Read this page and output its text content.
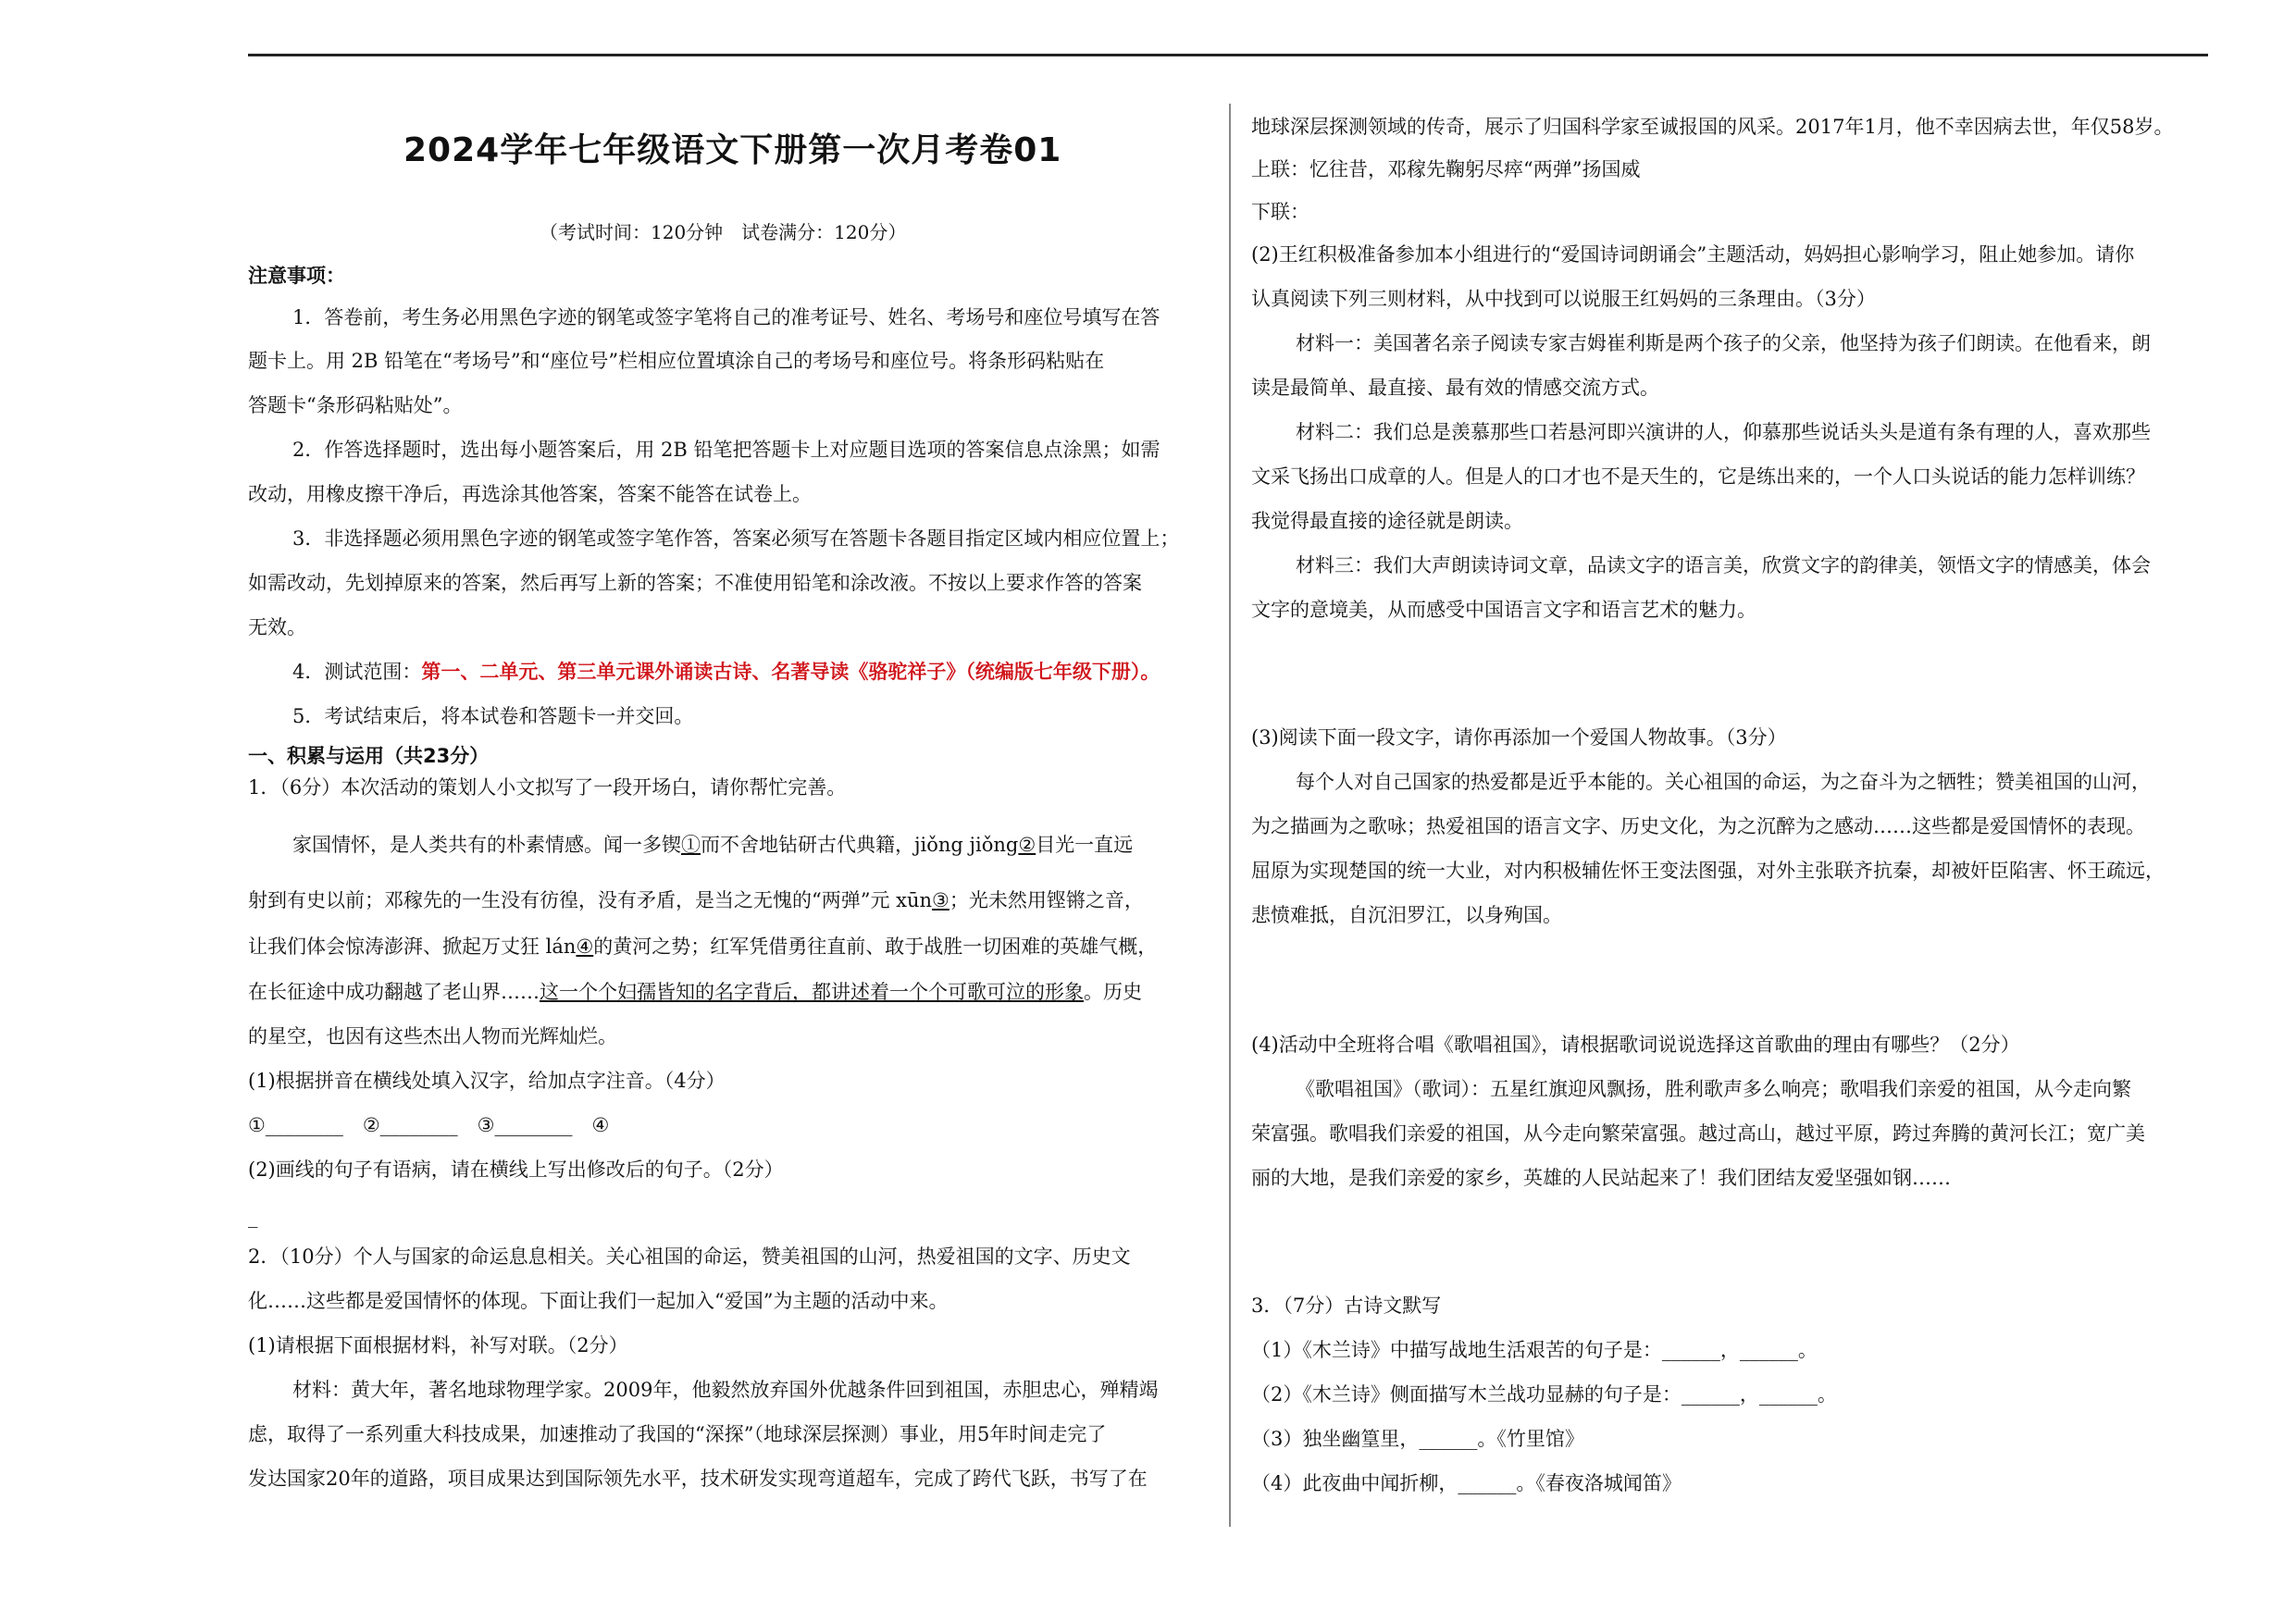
2024学年七年级语文下册第一次月考卷01
（考试时间：120分钟　试卷满分：120分）
注意事项：
1．答卷前，考生务必用黑色字迹的钢笔或签字笔将自己的准考证号、姓名、考场号和座位号填写在答
题卡上。用 2B 铅笔在“考场号”和“座位号”栏相应位置填涂自己的考场号和座位号。将条形码粘贴在
答题卡“条形码粘贴处”。
2．作答选择题时，选出每小题答案后，用 2B 铅笔把答题卡上对应题目选项的答案信息点涂黑；如需
改动，用橡皮擦干净后，再选涂其他答案，答案不能答在试卷上。
3．非选择题必须用黑色字迹的钢笔或签字笔作答，答案必须写在答题卡各题目指定区域内相应位置上；
如需改动，先划掉原来的答案，然后再写上新的答案；不准使用铅笔和涂改液。不按以上要求作答的答案
无效。
4．测试范围：第一、二单元、第三单元课外诵读古诗、名著导读《骆驼祥子》（统编版七年级下册）。
5．考试结束后，将本试卷和答题卡一并交回。
一、积累与运用（共23分）
1．（6分）本次活动的策划人小文拟写了一段开场白，请你帮忙完善。
家国情怀，是人类共有的朴素情感。闻一多锲①而不舍地钻研古代典籍，jiǒng jiǒng②目光一直远
射到有史以前；邓稼先的一生没有彷徨，没有矛盾，是当之无愧的“两弹”元 xūn③；光未然用铿锵之音，
让我们体会惊涛澎湃、掀起万丈狂 lán④的黄河之势；红军凭借勇往直前、敢于战胜一切困难的英雄气概，
在长征途中成功翻越了老山界……这一个个妇孺皆知的名字背后，都讲述着一个个可歌可泣的形象。历史
的星空，也因有这些杰出人物而光辉灿烂。
(1)根据拼音在横线处填入汉字，给加点字注音。（4分）
①________　②________　③________　④
(2)画线的句子有语病，请在横线上写出修改后的句子。（2分）
_
2．（10分）个人与国家的命运息息相关。关心祖国的命运，赞美祖国的山河，热爱祖国的文字、历史文
化……这些都是爱国情怀的体现。下面让我们一起加入“爱国”为主题的活动中来。
(1)请根据下面根据材料，补写对联。（2分）
材料：黄大年，著名地球物理学家。2009年，他毅然放弃国外优越条件回到祖国，赤胆忠心，殚精竭
虑，取得了一系列重大科技成果，加速推动了我国的“深探”（地球深层探测）事业，用5年时间走完了
发达国家20年的道路，项目成果达到国际领先水平，技术研发实现弯道超车，完成了跨代飞跃，书写了在
地球深层探测领域的传奇，展示了归国科学家至诚报国的风采。2017年1月，他不幸因病去世，年仅58岁。
上联：忆往昔，邓稼先鞠躬尽瘁“两弹”扬国威
下联：
(2)王红积极准备参加本小组进行的“爱国诗词朗诵会”主题活动，妈妈担心影响学习，阻止她参加。请你
认真阅读下列三则材料，从中找到可以说服王红妈妈的三条理由。（3分）
材料一：美国著名亲子阅读专家吉姆崔利斯是两个孩子的父亲，他坚持为孩子们朗读。在他看来，朗
读是最简单、最直接、最有效的情感交流方式。
材料二：我们总是羡慕那些口若悬河即兴演讲的人，仰慕那些说话头头是道有条有理的人，喜欢那些
文采飞扬出口成章的人。但是人的口才也不是天生的，它是练出来的，一个人口头说话的能力怎样训练？
我觉得最直接的途径就是朗读。
材料三：我们大声朗读诗词文章，品读文字的语言美，欣赏文字的韵律美，领悟文字的情感美，体会
文字的意境美，从而感受中国语言文字和语言艺术的魅力。
(3)阅读下面一段文字，请你再添加一个爱国人物故事。（3分）
每个人对自己国家的热爱都是近乎本能的。关心祖国的命运，为之奋斗为之牺牲；赞美祖国的山河，
为之描画为之歌咏；热爱祖国的语言文字、历史文化，为之沉醉为之感动……这些都是爱国情怀的表现。
屈原为实现楚国的统一大业，对内积极辅佐怀王变法图强，对外主张联齐抗秦，却被奸臣陷害、怀王疏远，
悲愤难抵，自沉汨罗江，以身殉国。
(4)活动中全班将合唱《歌唱祖国》，请根据歌词说说选择这首歌曲的理由有哪些？（2分）
《歌唱祖国》（歌词）：五星红旗迎风飘扬，胜利歌声多么响亮；歌唱我们亲爱的祖国，从今走向繁
荣富强。歌唱我们亲爱的祖国，从今走向繁荣富强。越过高山，越过平原，跨过奔腾的黄河长江；宽广美
丽的大地，是我们亲爱的家乡，英雄的人民站起来了！我们团结友爱坚强如钢……
3．（7分）古诗文默写
（1）《木兰诗》中描写战地生活艰苦的句子是：______，______。
（2）《木兰诗》侧面描写木兰战功显赫的句子是：______，______。
（3）独坐幽篁里，______。《竹里馆》
（4）此夜曲中闻折柳，______。《春夜洛城闻笛》
